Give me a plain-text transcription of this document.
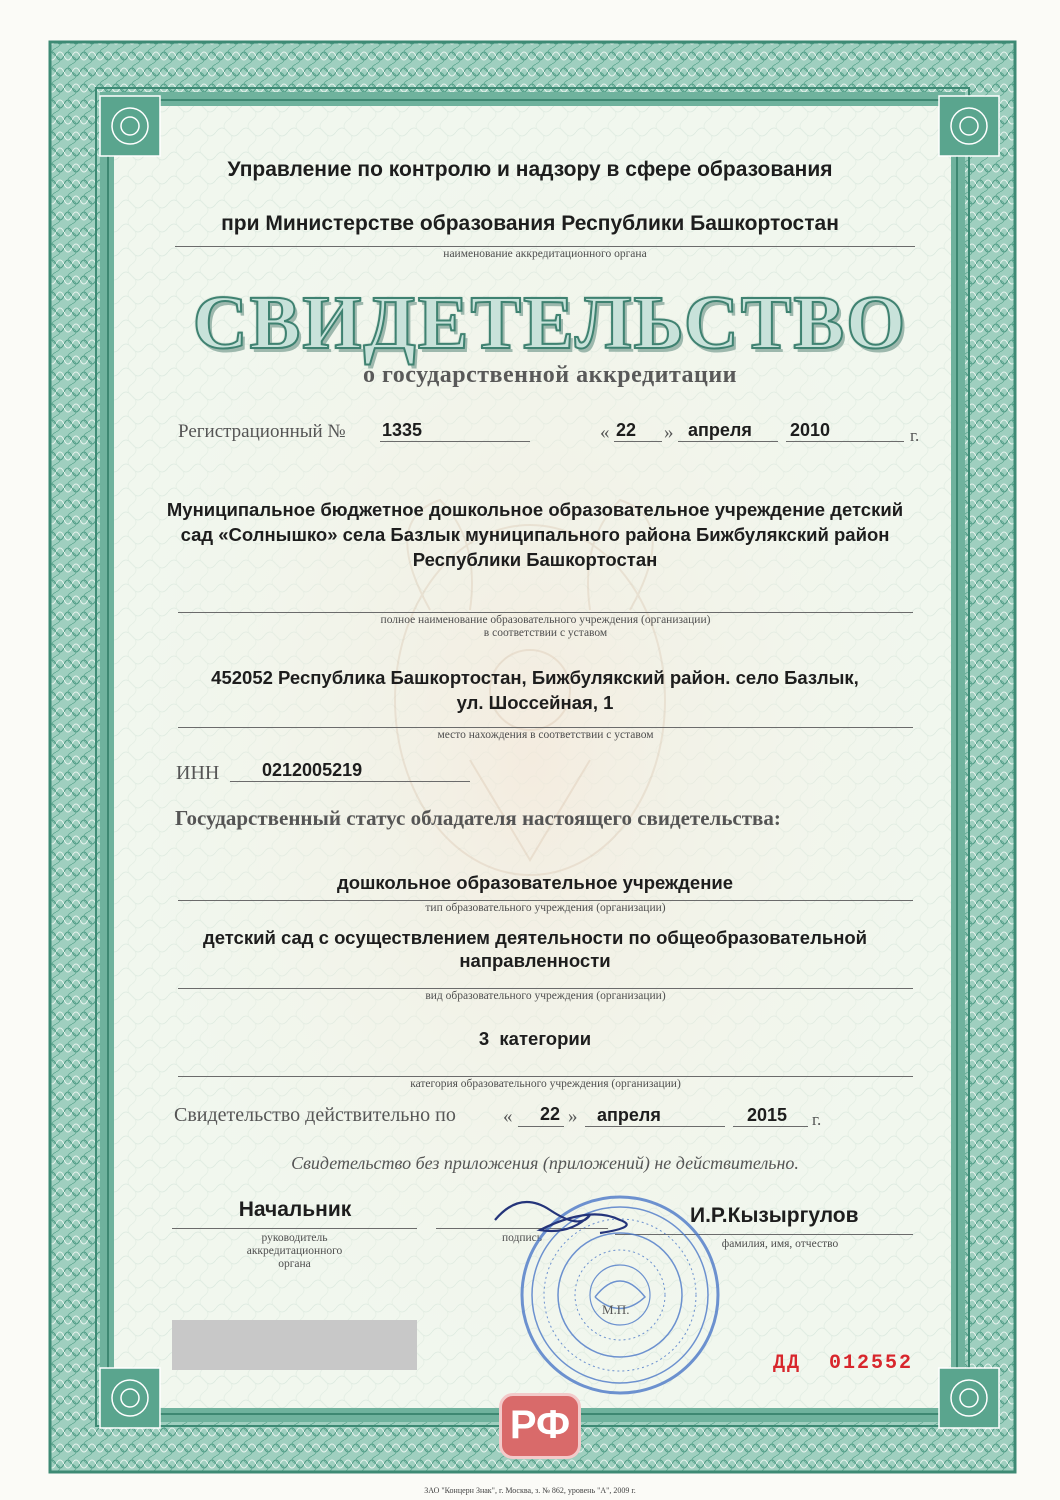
Управление по контролю и надзору в сфере образования
при Министерстве образования Республики Башкортостан
наименование аккредитационного органа
СВИДЕТЕЛЬСТВО
о государственной аккредитации
Регистрационный № 1335	« 22 » апреля 2010	г.
Муниципальное бюджетное дошкольное образовательное учреждение детский
сад «Солнышко» села Базлык муниципального района Бижбулякский район
Республики Башкортостан
полное наименование образовательного учреждения (организации)
в соответствии с уставом
452052 Республика Башкортостан, Бижбулякский район. село Базлык,
ул. Шоссейная, 1
место нахождения в соответствии с уставом
ИНН 0212005219
Государственный статус обладателя настоящего свидетельства:
дошкольное образовательное учреждение
тип образовательного учреждения (организации)
детский сад с осуществлением деятельности по общеобразовательной
направленности
вид образовательного учреждения (организации)
3  категории
категория образовательного учреждения (организации)
Свидетельство действительно по « 22 » апреля	2015 г.
Свидетельство без приложения (приложений) не действительно.
Начальник
руководитель
аккредитационного
органа
подпись
И.Р.Кызыргулов
фамилия, имя, отчество
М.П.
ДД  012552
РФ
ЗАО "Концерн Знак", г. Москва, з. № 862, уровень "А", 2009 г.
